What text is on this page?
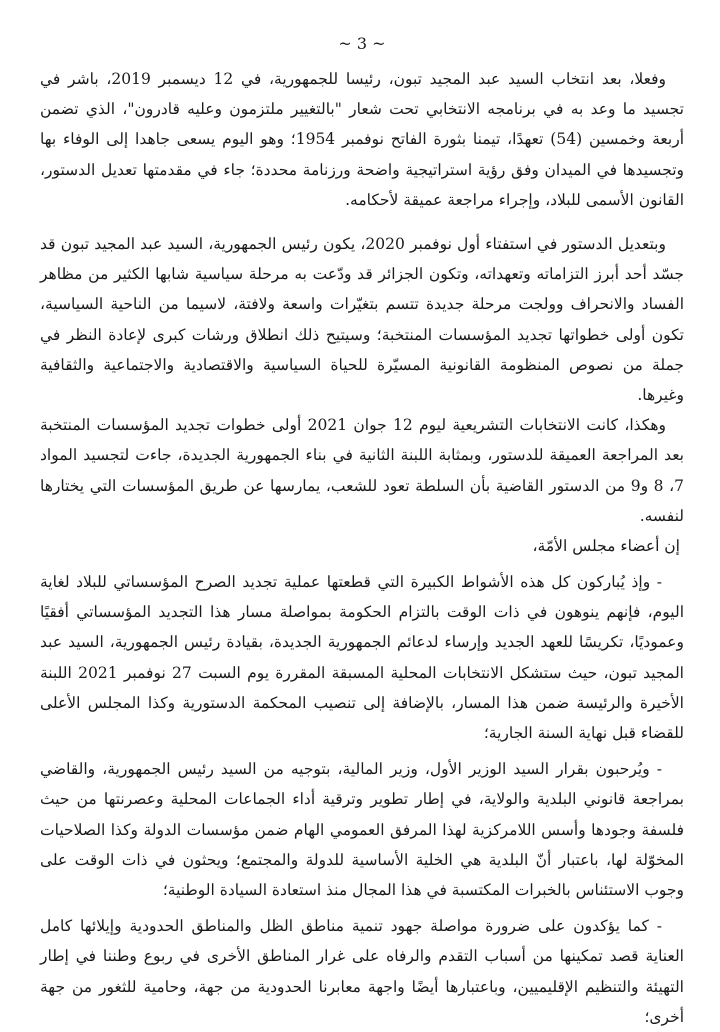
~ 3 ~

وفعلا، بعد انتخاب السيد عبد المجيد تبون، رئيسا للجمهورية، في 12 ديسمبر 2019، باشر في تجسيد ما وعد به في برنامجه الانتخابي تحت شعار "بالتغيير ملتزمون وعليه قادرون"، الذي تضمن أربعة وخمسين (54) تعهدًا، تيمنا بثورة الفاتح نوفمبر 1954؛ وهو اليوم يسعى جاهدا إلى الوفاء بها وتجسيدها في الميدان وفق رؤية استراتيجية واضحة ورزنامة محددة؛ جاء في مقدمتها تعديل الدستور، القانون الأسمى للبلاد، وإجراء مراجعة عميقة لأحكامه.

وبتعديل الدستور في استفتاء أول نوفمبر 2020، يكون رئيس الجمهورية، السيد عبد المجيد تبون قد جسّد أحد أبرز التزاماته وتعهداته، وتكون الجزائر قد ودّعت به مرحلة سياسية شابها الكثير من مظاهر الفساد والانحراف وولجت مرحلة جديدة تتسم بتغيّرات واسعة ولافتة، لاسيما من الناحية السياسية، تكون أولى خطواتها تجديد المؤسسات المنتخبة؛ وسيتيح ذلك انطلاق ورشات كبرى لإعادة النظر في جملة من نصوص المنظومة القانونية المسيّرة للحياة السياسية والاقتصادية والاجتماعية والثقافية وغيرها.

وهكذا، كانت الانتخابات التشريعية ليوم 12 جوان 2021 أولى خطوات تجديد المؤسسات المنتخبة بعد المراجعة العميقة للدستور، وبمثابة اللبنة الثانية في بناء الجمهورية الجديدة، جاءت لتجسيد المواد 7، 8 و9 من الدستور القاضية بأن السلطة تعود للشعب، يمارسها عن طريق المؤسسات التي يختارها لنفسه.

إن أعضاء مجلس الأمّة،

- وإذ يُباركون كل هذه الأشواط الكبيرة التي قطعتها عملية تجديد الصرح المؤسساتي للبلاد لغاية اليوم، فإنهم ينوهون في ذات الوقت بالتزام الحكومة بمواصلة مسار هذا التجديد المؤسساتي أفقيًا وعموديًا، تكريسًا للعهد الجديد وإرساء لدعائم الجمهورية الجديدة، بقيادة رئيس الجمهورية، السيد عبد المجيد تبون، حيث ستشكل الانتخابات المحلية المسبقة المقررة يوم السبت 27 نوفمبر 2021 اللبنة الأخيرة والرئيسة ضمن هذا المسار، بالإضافة إلى تنصيب المحكمة الدستورية وكذا المجلس الأعلى للقضاء قبل نهاية السنة الجارية؛

- ويُرحبون بقرار السيد الوزير الأول، وزير المالية، بتوجيه من السيد رئيس الجمهورية، والقاضي بمراجعة قانوني البلدية والولاية، في إطار تطوير وترقية أداء الجماعات المحلية وعصرنتها من حيث فلسفة وجودها وأسس اللامركزية لهذا المرفق العمومي الهام ضمن مؤسسات الدولة وكذا الصلاحيات المخوّلة لها، باعتبار أنّ البلدية هي الخلية الأساسية للدولة والمجتمع؛ ويحثون في ذات الوقت على وجوب الاستئناس بالخبرات المكتسبة في هذا المجال منذ استعادة السيادة الوطنية؛

- كما يؤكدون على ضرورة مواصلة جهود تنمية مناطق الظل والمناطق الحدودية وإيلائها كامل العناية قصد تمكينها من أسباب التقدم والرفاه على غرار المناطق الأخرى في ربوع وطننا في إطار التهيئة والتنظيم الإقليميين، وباعتبارها أيضًا واجهة معابرنا الحدودية من جهة، وحامية للثغور من جهة أخرى؛
